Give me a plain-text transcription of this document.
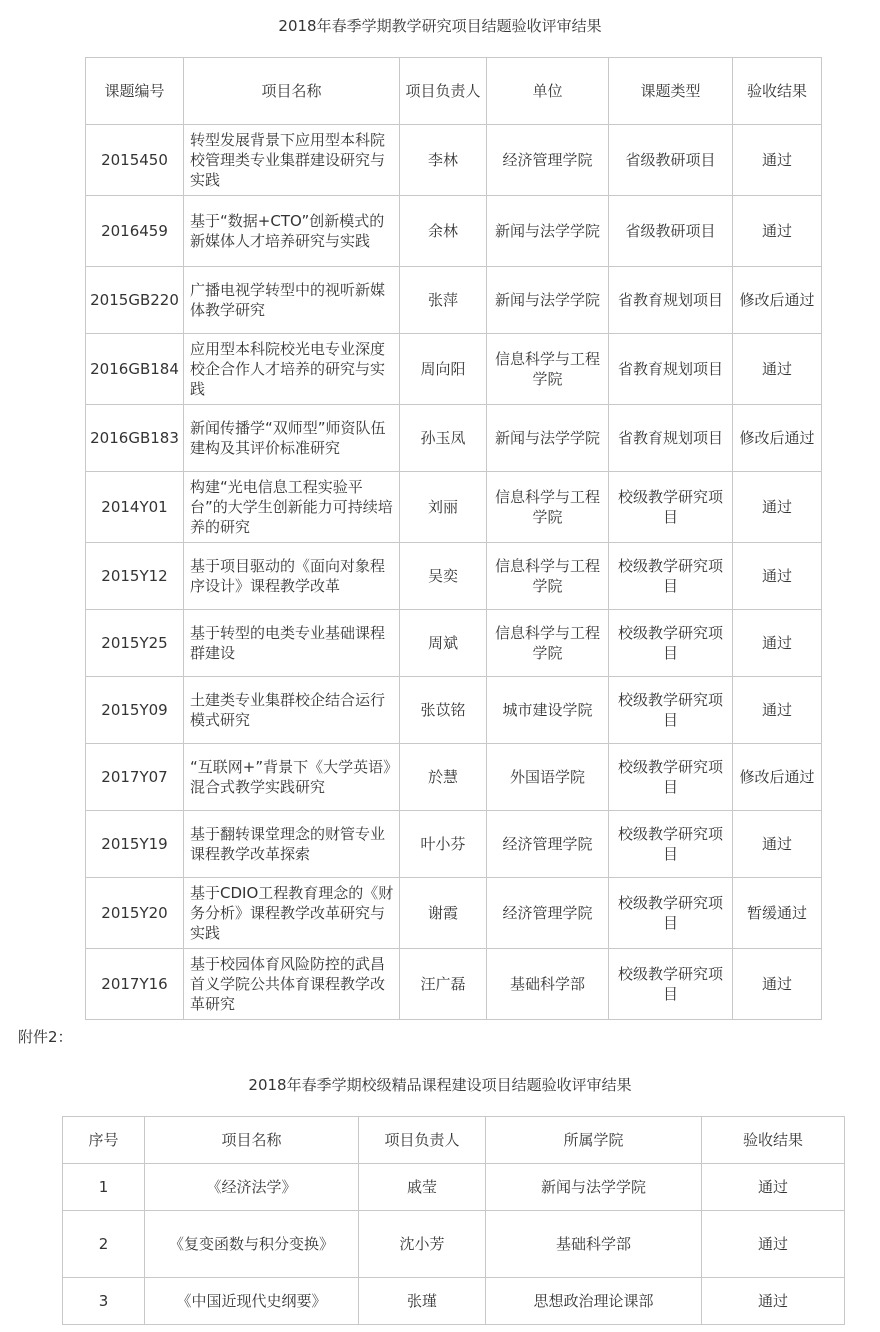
2018年春季学期教学研究项目结题验收评审结果
课题编号	项目名称	项目负责人	单位	课题类型	验收结果
2015450	转型发展背景下应用型本科院校管理类专业集群建设研究与实践	李林	经济管理学院	省级教研项目	通过
2016459	基于“数据+CTO”创新模式的新媒体人才培养研究与实践	余林	新闻与法学学院	省级教研项目	通过
2015GB220	广播电视学转型中的视听新媒体教学研究	张萍	新闻与法学学院	省教育规划项目	修改后通过
2016GB184	应用型本科院校光电专业深度校企合作人才培养的研究与实践	周向阳	信息科学与工程学院	省教育规划项目	通过
2016GB183	新闻传播学“双师型”师资队伍建构及其评价标准研究	孙玉凤	新闻与法学学院	省教育规划项目	修改后通过
2014Y01	构建“光电信息工程实验平台”的大学生创新能力可持续培养的研究	刘丽	信息科学与工程学院	校级教学研究项目	通过
2015Y12	基于项目驱动的《面向对象程序设计》课程教学改革	吴奕	信息科学与工程学院	校级教学研究项目	通过
2015Y25	基于转型的电类专业基础课程群建设	周斌	信息科学与工程学院	校级教学研究项目	通过
2015Y09	土建类专业集群校企结合运行模式研究	张苡铭	城市建设学院	校级教学研究项目	通过
2017Y07	“互联网+”背景下《大学英语》混合式教学实践研究	於慧	外国语学院	校级教学研究项目	修改后通过
2015Y19	基于翻转课堂理念的财管专业课程教学改革探索	叶小芬	经济管理学院	校级教学研究项目	通过
2015Y20	基于CDIO工程教育理念的《财务分析》课程教学改革研究与实践	谢霞	经济管理学院	校级教学研究项目	暂缓通过
2017Y16	基于校园体育风险防控的武昌首义学院公共体育课程教学改革研究	汪广磊	基础科学部	校级教学研究项目	通过
附件2：
2018年春季学期校级精品课程建设项目结题验收评审结果
序号	项目名称	项目负责人	所属学院	验收结果
1	《经济法学》	戚莹	新闻与法学学院	通过
2	《复变函数与积分变换》	沈小芳	基础科学部	通过
3	《中国近现代史纲要》	张瑾	思想政治理论课部	通过
